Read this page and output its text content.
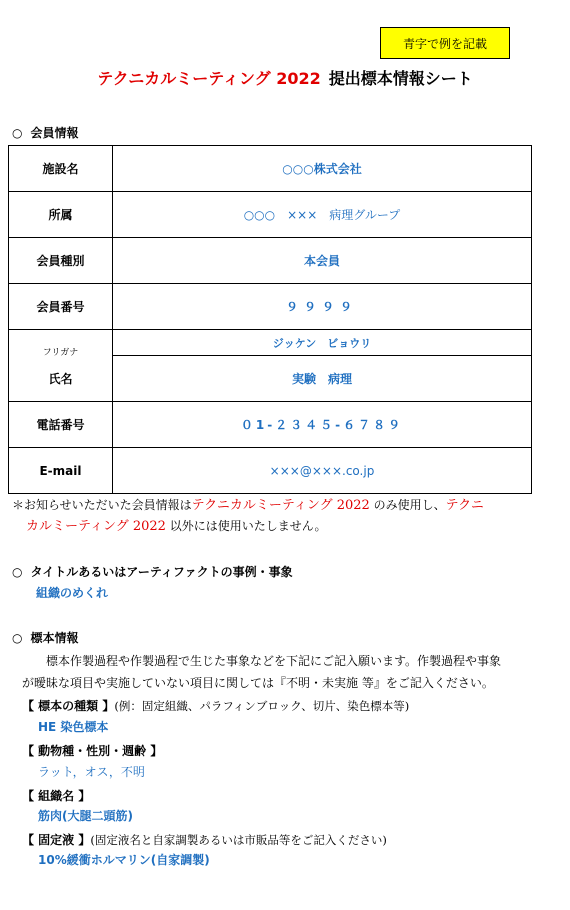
青字で例を記載
テクニカルミーティング 2022 提出標本情報シート
○ 会員情報
施設名	○○○株式会社
所属	○○○　×××　病理グループ
会員種別	本会員
会員番号	９９９９

フリガナ
氏名	ジッケン　ビョウリ
	実験　病理
電話番号	０1-２３４５-６７８９
E-mail	×××@×××.co.jp
＊お知らせいただいた会員情報はテクニカルミーティング 2022 のみ使用し、テクニ
カルミーティング 2022 以外には使用いたしません。
○ タイトルあるいはアーティファクトの事例・事象
組織のめくれ
○ 標本情報
標本作製過程や作製過程で生じた事象などを下記にご記入願います。作製過程や事象
が曖昧な項目や実施していない項目に関しては『不明・未実施 等』をご記入ください。
【 標本の種類 】(例：固定組織、パラフィンブロック、切片、染色標本等)
HE 染色標本
【 動物種・性別・週齢 】
ラット，オス，不明
【 組織名 】
筋肉(大腿二頭筋)
【 固定液 】(固定液名と自家調製あるいは市販品等をご記入ください)
10%緩衝ホルマリン(自家調製)
